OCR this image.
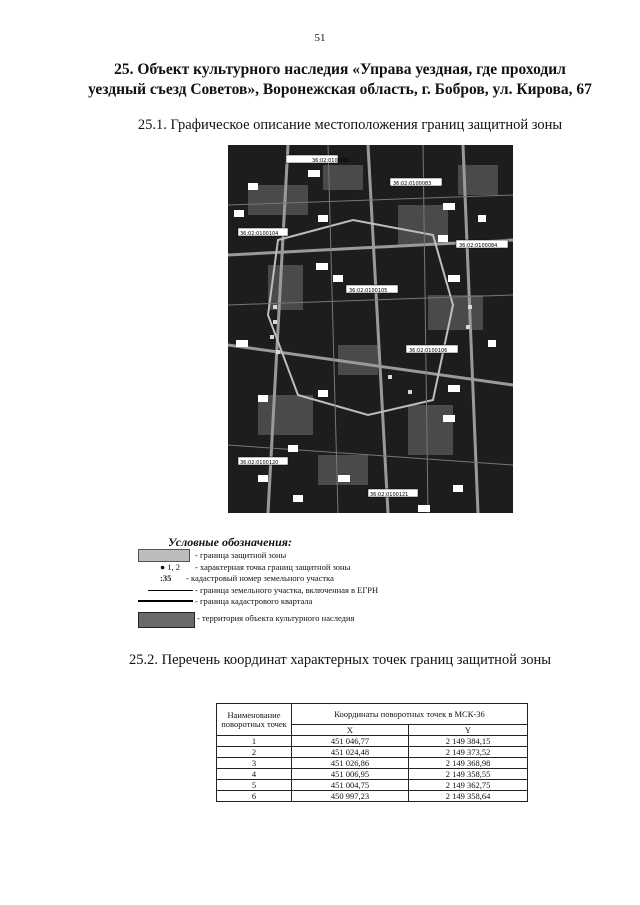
51
25. Объект культурного наследия «Управа уездная, где проходил
уездный съезд Советов», Воронежская область, г. Бобров, ул. Кирова, 67
25.1. Графическое описание местоположения границ защитной зоны
36:02:0100082
36:02:0100083
36:02:0100084
36:02:0100104
36:02:0100105
36:02:0100106
36:02:0100120
36:02:0100121
Условные обозначения:
- граница защитной зоны
● 1, 2 - характерная точка границ защитной зоны
:35 - кадастровый номер земельного участка
- граница земельного участка, включенная в ЕГРН
- граница кадастрового квартала
- территория объекта культурного наследия
25.2. Перечень координат характерных точек границ защитной зоны
Наименование поворотных точек	Координаты поворотных точек в МСК-36	
	X	Y
1	451 046,77	2 149 384,15
2	451 024,48	2 149 373,52
3	451 026,86	2 149 368,98
4	451 006,95	2 149 358,55
5	451 004,75	2 149 362,75
6	450 997,23	2 149 358,64
